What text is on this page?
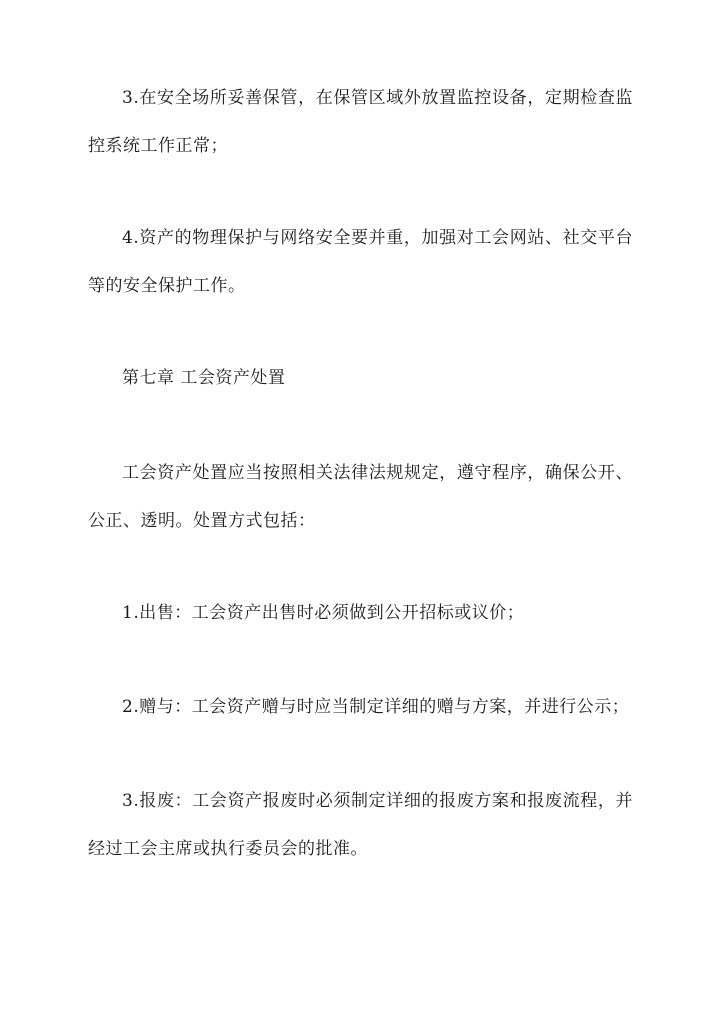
3.在安全场所妥善保管，在保管区域外放置监控设备，定期检查监控系统工作正常；

4.资产的物理保护与网络安全要并重，加强对工会网站、社交平台等的安全保护工作。

第七章 工会资产处置

工会资产处置应当按照相关法律法规规定，遵守程序，确保公开、公正、透明。处置方式包括：

1.出售：工会资产出售时必须做到公开招标或议价；

2.赠与：工会资产赠与时应当制定详细的赠与方案，并进行公示；

3.报废：工会资产报废时必须制定详细的报废方案和报废流程，并经过工会主席或执行委员会的批准。
